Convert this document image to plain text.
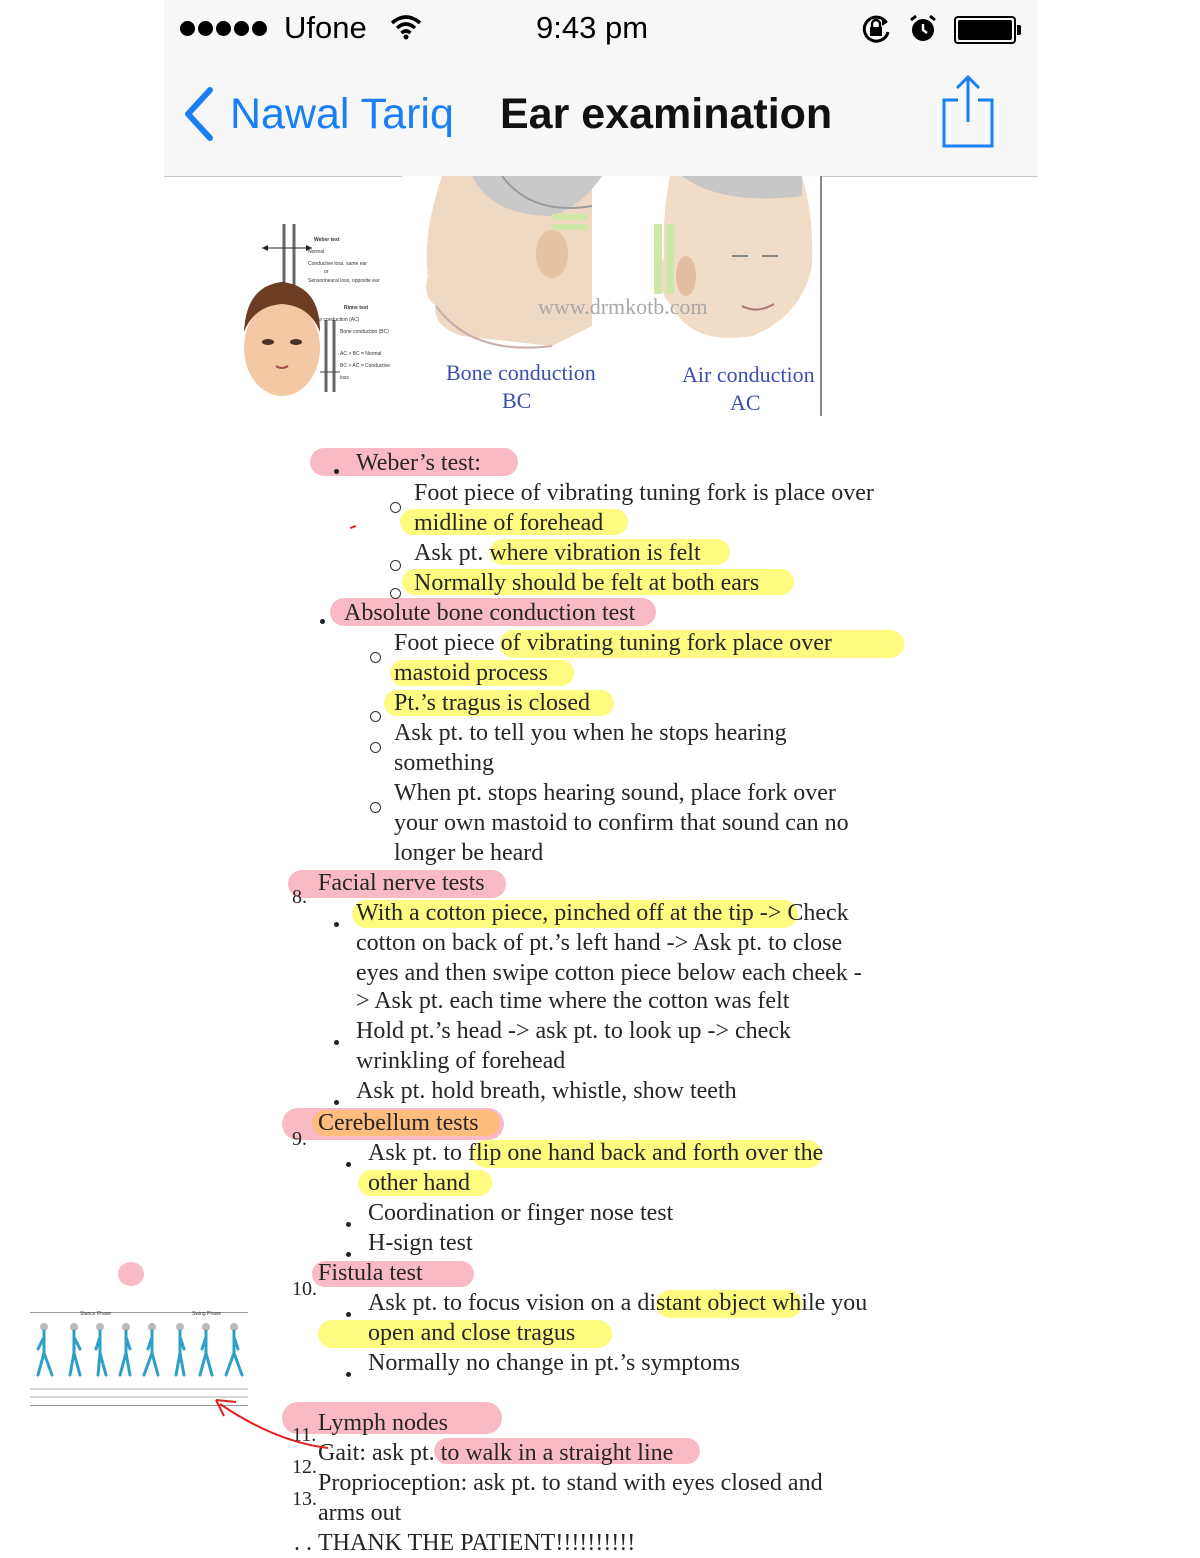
Ufone	9:43 pm
Nawal Tariq Ear examination
Weber test
Normal
Conductive loss, same ear
or
Sensorineural loss, opposite ear
Rinne test
Air conduction (AC)
Bone conduction (BC)
AC > BC = Normal
BC > AC = Conductive loss
www.drmkotb.com
Bone conduction
BC
Air conduction
AC
Weber’s test:
Foot piece of vibrating tuning fork is place over
midline of forehead
Ask pt. where vibration is felt
Normally should be felt at both ears
Absolute bone conduction test
Foot piece of vibrating tuning fork place over
mastoid process
Pt.’s tragus is closed
Ask pt. to tell you when he stops hearing
something
When pt. stops hearing sound, place fork over
your own mastoid to confirm that sound can no
longer be heard
8.
Facial nerve tests
With a cotton piece, pinched off at the tip -> Check
cotton on back of pt.’s left hand -> Ask pt. to close
eyes and then swipe cotton piece below each cheek -
> Ask pt. each time where the cotton was felt
Hold pt.’s head -> ask pt. to look up -> check
wrinkling of forehead
Ask pt. hold breath, whistle, show teeth
9.
Cerebellum tests
Ask pt. to flip one hand back and forth over the
other hand
Coordination or finger nose test
H-sign test
10.
Fistula test
Ask pt. to focus vision on a distant object while you
open and close tragus
Normally no change in pt.’s symptoms
11. Lymph nodes
12.
Gait: ask pt. to walk in a straight line
13.
Proprioception: ask pt. to stand with eyes closed and
arms out
. . THANK THE PATIENT!!!!!!!!!!
Stance Phase	Swing Phase
